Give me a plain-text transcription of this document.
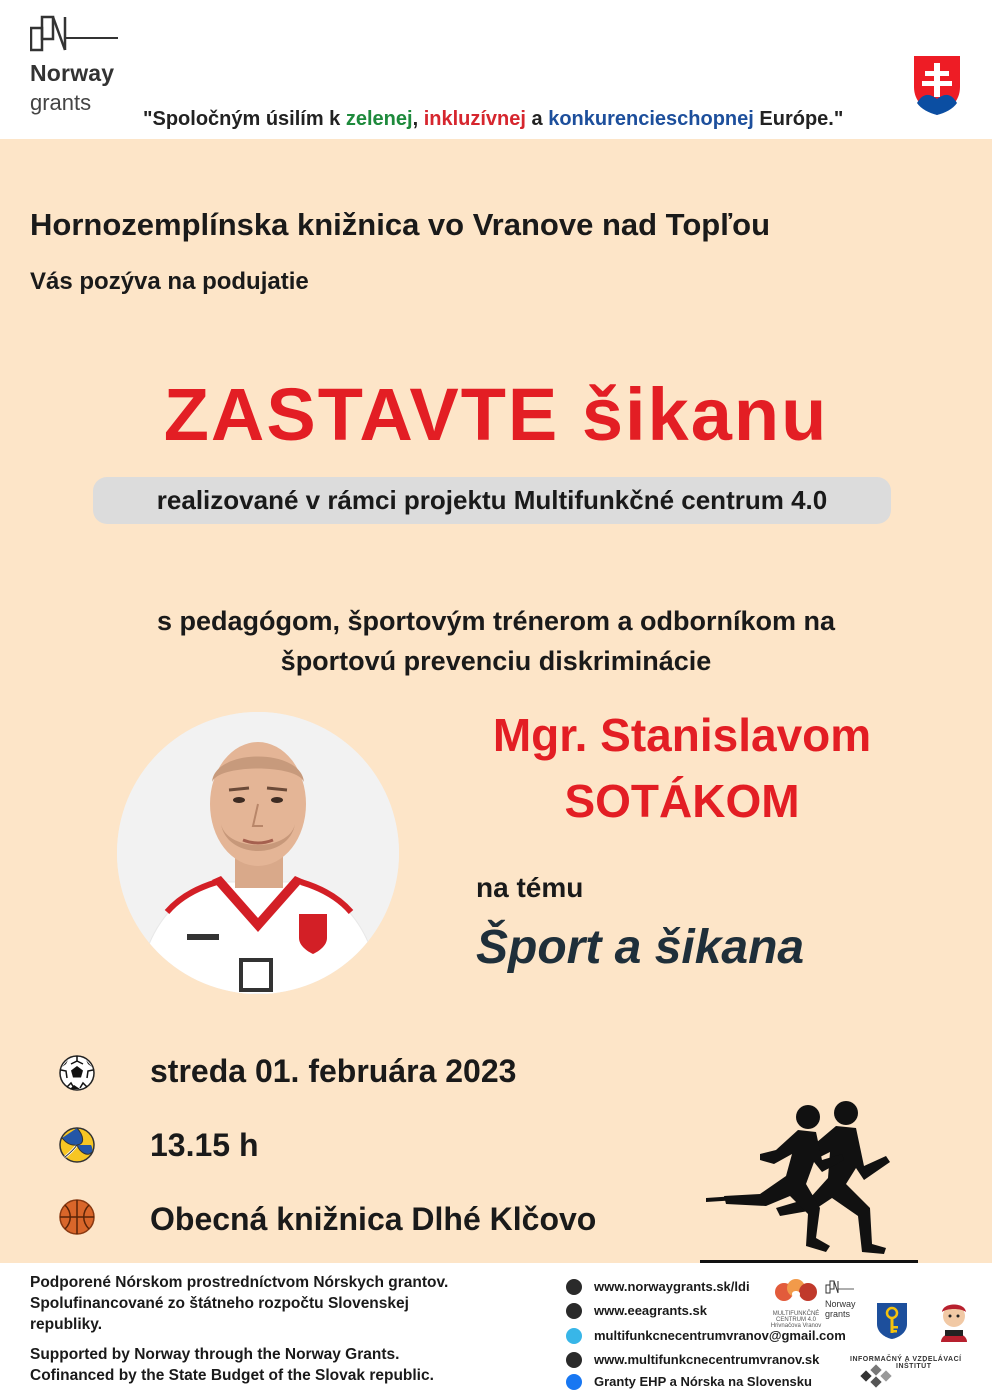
Norway
grants
"Spoločným úsilím k zelenej, inkluzívnej a konkurencieschopnej Európe."
Hornozemplínska knižnica vo Vranove nad Topľou
Vás pozýva na podujatie
ZASTAVTE šikanu
realizované v rámci projektu Multifunkčné centrum 4.0
s pedagógom, športovým trénerom a odborníkom na
športovú prevenciu diskriminácie
Mgr. Stanislavom
SOTÁKOM
na tému
Šport a šikana
streda 01. februára 2023
13.15 h
Obecná knižnica Dlhé Klčovo
Podporené Nórskom prostredníctvom Nórskych grantov.
Spolufinancované zo štátneho rozpočtu Slovenskej
republiky.
Supported by Norway through the Norway Grants.
Cofinanced by the State Budget of the Slovak republic.
www.norwaygrants.sk/ldi
www.eeagrants.sk
multifunkcnecentrumvranov@gmail.com
www.multifunkcnecentrumvranov.sk
Granty EHP a Nórska na Slovensku
MULTIFUNKČNÉ CENTRUM 4.0
Hrivnačova Vranov
Norway
grants
INFORMAČNÝ A VZDELÁVACÍ
INŠTITÚT
